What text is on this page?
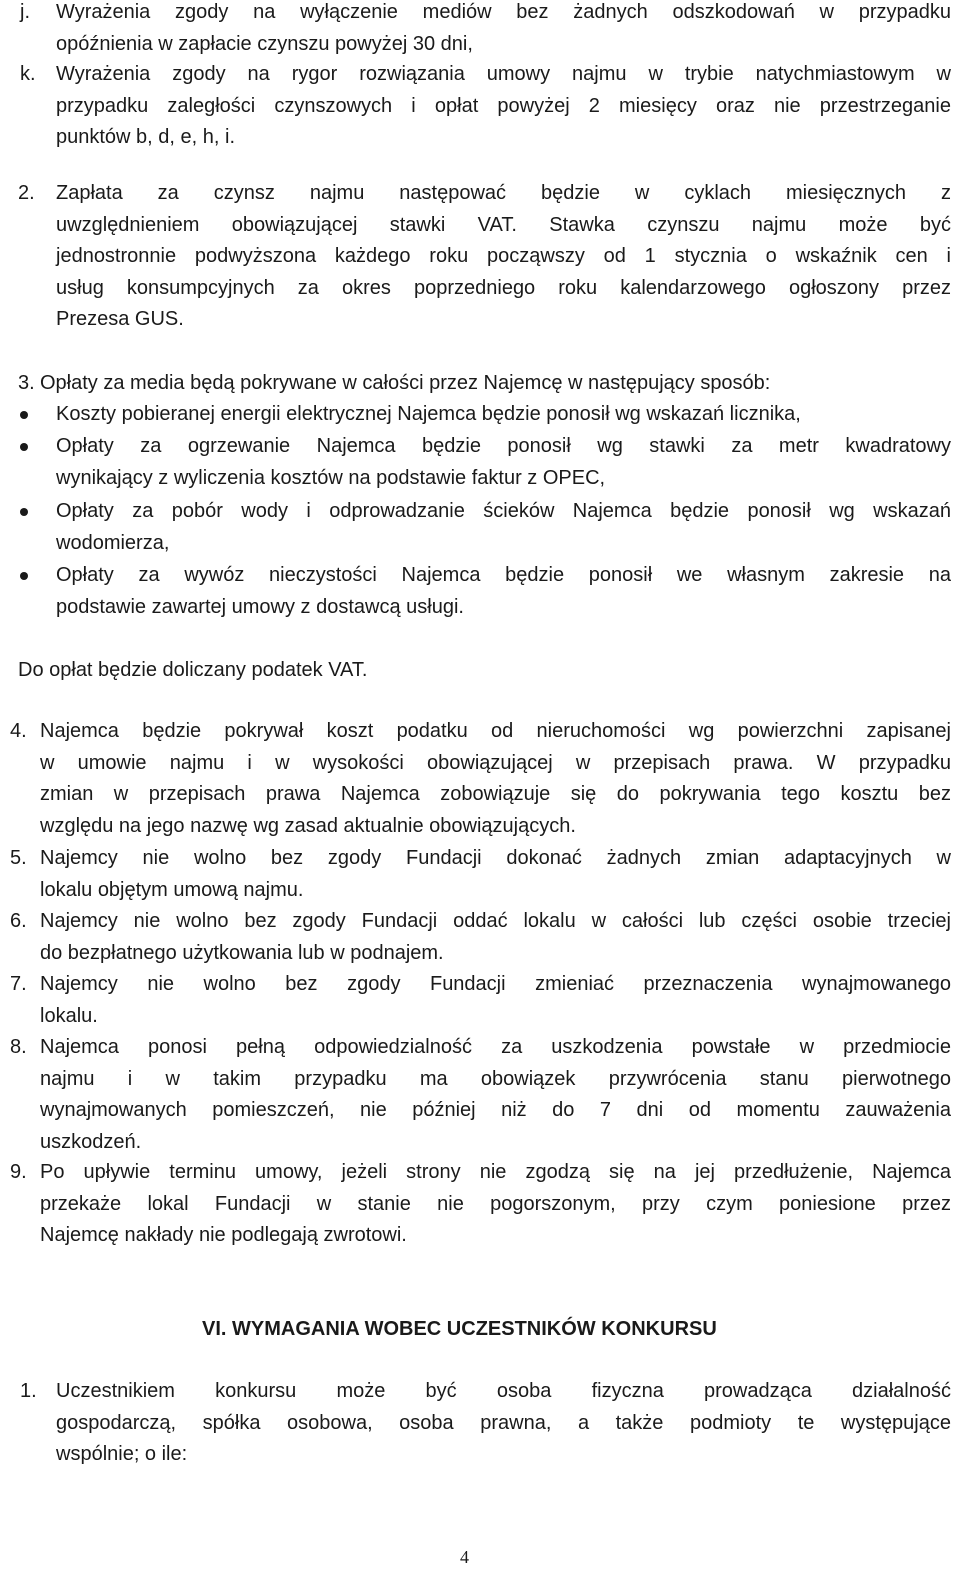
j. Wyrażenia zgody na wyłączenie mediów bez żadnych odszkodowań w przypadku
opóźnienia w zapłacie czynszu powyżej 30 dni,
k. Wyrażenia zgody na rygor rozwiązania umowy najmu w trybie natychmiastowym w
przypadku zaległości czynszowych i opłat powyżej 2 miesięcy oraz nie przestrzeganie
punktów b, d, e, h, i.
2. Zapłata za czynsz najmu następować będzie w cyklach miesięcznych z
uwzględnieniem obowiązującej stawki VAT. Stawka czynszu najmu może być
jednostronnie podwyższona każdego roku począwszy od 1 stycznia o wskaźnik cen i
usług konsumpcyjnych za okres poprzedniego roku kalendarzowego ogłoszony przez
Prezesa GUS.
3. Opłaty za media będą pokrywane w całości przez Najemcę w następujący sposób:
Koszty pobieranej energii elektrycznej Najemca będzie ponosił wg wskazań licznika,
Opłaty za ogrzewanie Najemca będzie ponosił wg stawki za metr kwadratowy
wynikający z wyliczenia kosztów na podstawie faktur z OPEC,
Opłaty za pobór wody i odprowadzanie ścieków Najemca będzie ponosił wg wskazań
wodomierza,
Opłaty za wywóz nieczystości Najemca będzie ponosił we własnym zakresie na
podstawie zawartej umowy z dostawcą usługi.
Do opłat będzie doliczany podatek VAT.
4. Najemca będzie pokrywał koszt podatku od nieruchomości wg powierzchni zapisanej
w umowie najmu i w wysokości obowiązującej w przepisach prawa. W przypadku
zmian w przepisach prawa Najemca zobowiązuje się do pokrywania tego kosztu bez
względu na jego nazwę wg zasad aktualnie obowiązujących.
5. Najemcy nie wolno bez zgody Fundacji dokonać żadnych zmian adaptacyjnych w
lokalu objętym umową najmu.
6. Najemcy nie wolno bez zgody Fundacji oddać lokalu w całości lub części osobie trzeciej
do bezpłatnego użytkowania lub w podnajem.
7. Najemcy nie wolno bez zgody Fundacji zmieniać przeznaczenia wynajmowanego
lokalu.
8. Najemca ponosi pełną odpowiedzialność za uszkodzenia powstałe w przedmiocie
najmu i w takim przypadku ma obowiązek przywrócenia stanu pierwotnego
wynajmowanych pomieszczeń, nie później niż do 7 dni od momentu zauważenia
uszkodzeń.
9. Po upływie terminu umowy, jeżeli strony nie zgodzą się na jej przedłużenie, Najemca
przekaże lokal Fundacji w stanie nie pogorszonym, przy czym poniesione przez
Najemcę nakłady nie podlegają zwrotowi.
VI. WYMAGANIA WOBEC UCZESTNIKÓW KONKURSU
1. Uczestnikiem konkursu może być osoba fizyczna prowadząca działalność
gospodarczą, spółka osobowa, osoba prawna, a także podmioty te występujące
wspólnie; o ile:
4
